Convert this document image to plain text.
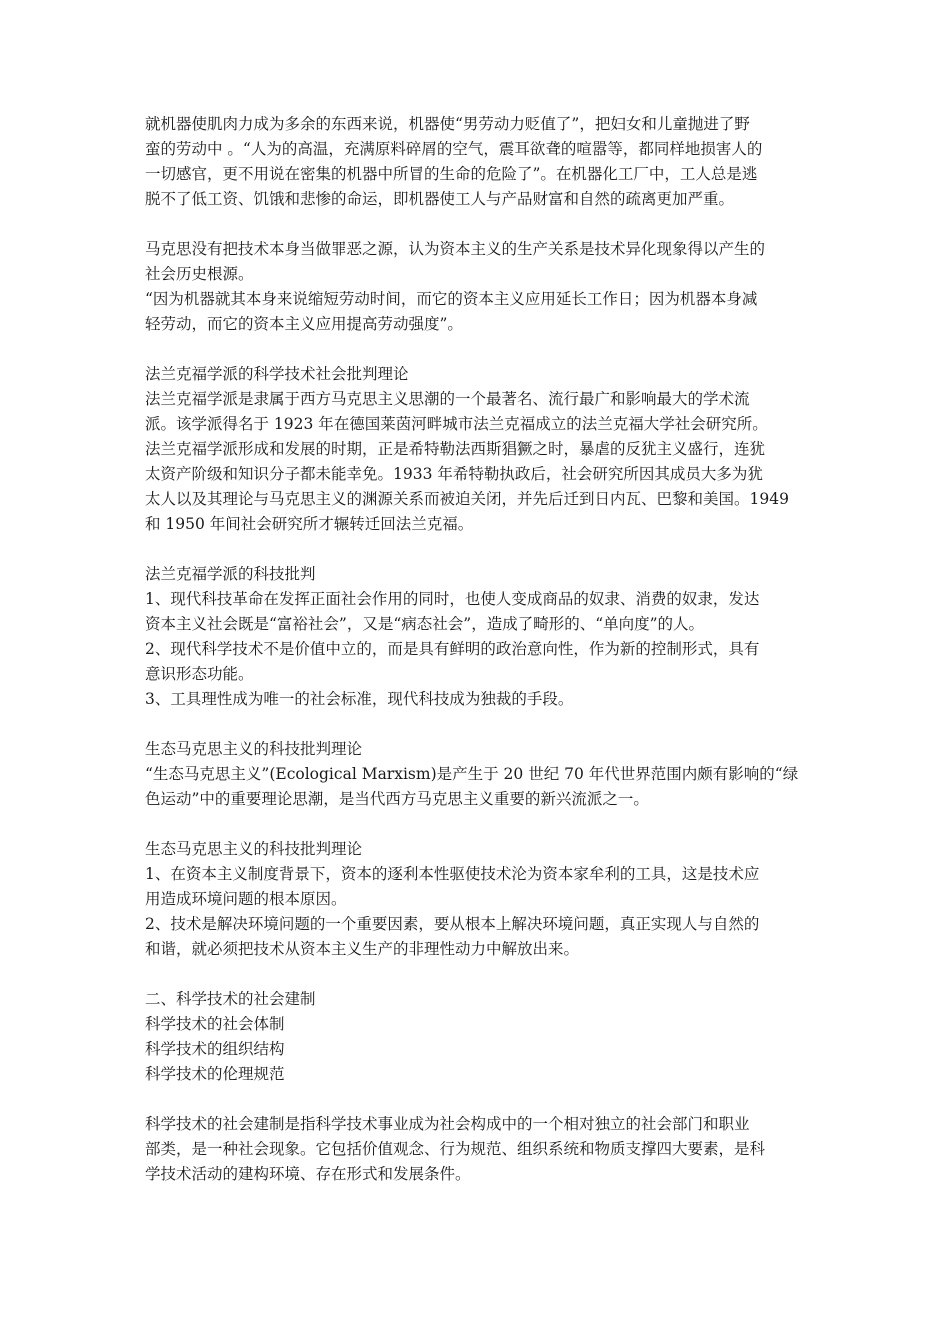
就机器使肌肉力成为多余的东西来说，机器使“男劳动力贬值了”，把妇女和儿童抛进了野
蛮的劳动中 。“人为的高温，充满原料碎屑的空气，震耳欲聋的喧嚣等，都同样地损害人的
一切感官，更不用说在密集的机器中所冒的生命的危险了”。在机器化工厂中，工人总是逃
脱不了低工资、饥饿和悲惨的命运，即机器使工人与产品财富和自然的疏离更加严重。
马克思没有把技术本身当做罪恶之源，认为资本主义的生产关系是技术异化现象得以产生的
社会历史根源。
“因为机器就其本身来说缩短劳动时间，而它的资本主义应用延长工作日；因为机器本身减
轻劳动，而它的资本主义应用提高劳动强度”。
法兰克福学派的科学技术社会批判理论
法兰克福学派是隶属于西方马克思主义思潮的一个最著名、流行最广和影响最大的学术流
派。该学派得名于 1923 年在德国莱茵河畔城市法兰克福成立的法兰克福大学社会研究所。
法兰克福学派形成和发展的时期，正是希特勒法西斯猖獗之时，暴虐的反犹主义盛行，连犹
太资产阶级和知识分子都未能幸免。1933 年希特勒执政后，社会研究所因其成员大多为犹
太人以及其理论与马克思主义的渊源关系而被迫关闭，并先后迁到日内瓦、巴黎和美国。1949
和 1950 年间社会研究所才辗转迁回法兰克福。
法兰克福学派的科技批判
1、现代科技革命在发挥正面社会作用的同时，也使人变成商品的奴隶、消费的奴隶，发达
资本主义社会既是“富裕社会”，又是“病态社会”，造成了畸形的、“单向度”的人。
2、现代科学技术不是价值中立的，而是具有鲜明的政治意向性，作为新的控制形式，具有
意识形态功能。
3、工具理性成为唯一的社会标准，现代科技成为独裁的手段。
生态马克思主义的科技批判理论
“生态马克思主义”(Ecological Marxism)是产生于 20 世纪 70 年代世界范围内颇有影响的“绿
色运动”中的重要理论思潮，是当代西方马克思主义重要的新兴流派之一。
生态马克思主义的科技批判理论
1、在资本主义制度背景下，资本的逐利本性驱使技术沦为资本家牟利的工具，这是技术应
用造成环境问题的根本原因。
2、技术是解决环境问题的一个重要因素，要从根本上解决环境问题，真正实现人与自然的
和谐，就必须把技术从资本主义生产的非理性动力中解放出来。
二、科学技术的社会建制
科学技术的社会体制
科学技术的组织结构
科学技术的伦理规范
科学技术的社会建制是指科学技术事业成为社会构成中的一个相对独立的社会部门和职业
部类，是一种社会现象。它包括价值观念、行为规范、组织系统和物质支撑四大要素，是科
学技术活动的建构环境、存在形式和发展条件。
